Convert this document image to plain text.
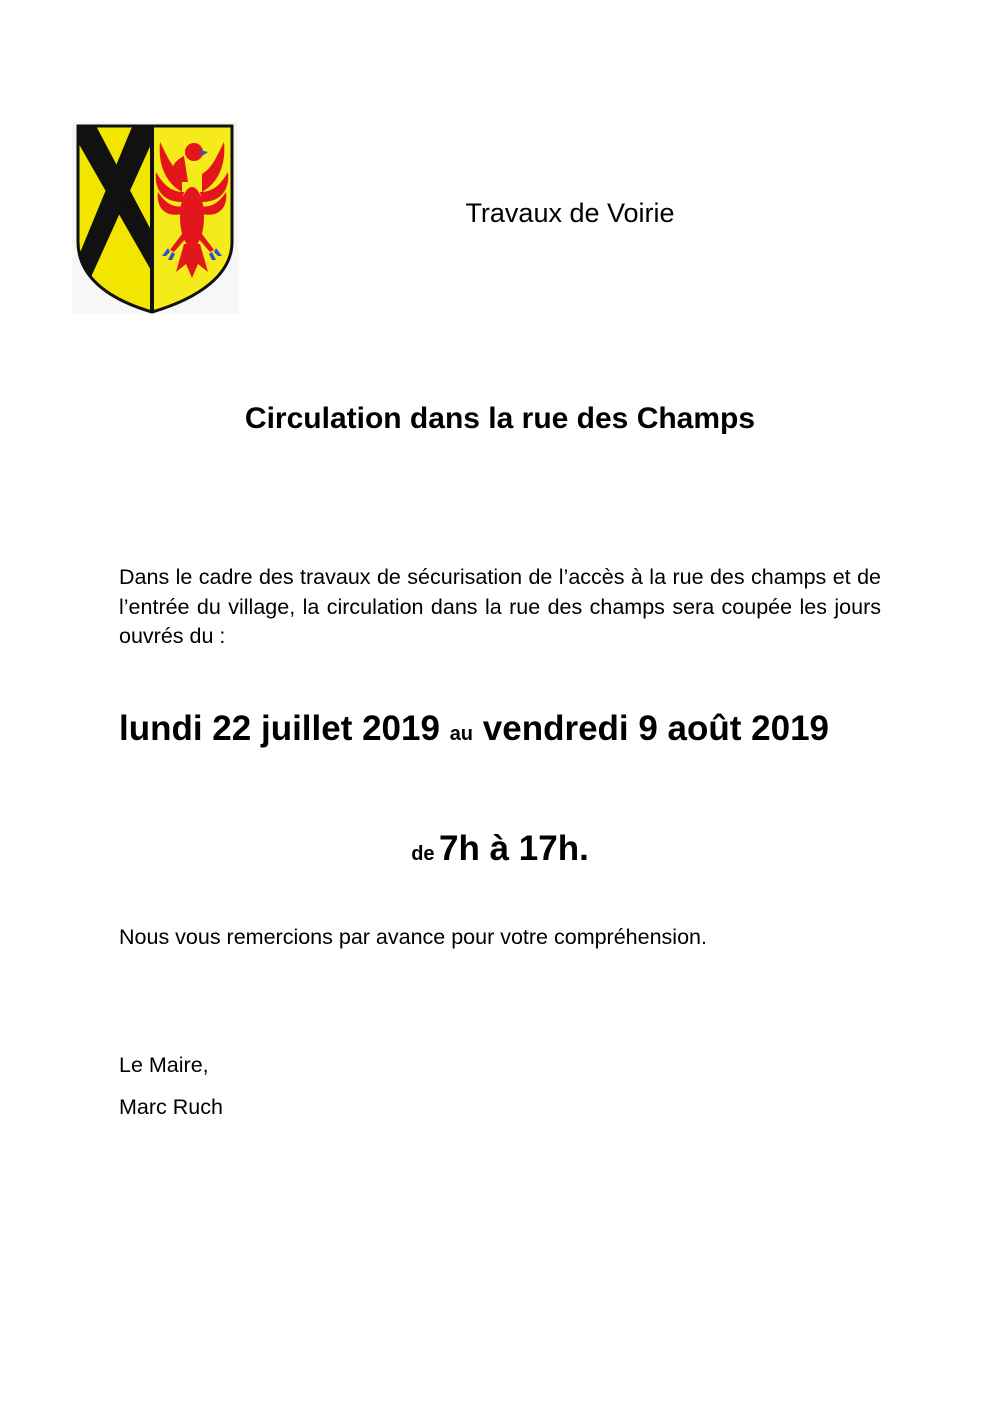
Travaux de Voirie
Circulation dans la rue des Champs
Dans le cadre des travaux de sécurisation de l’accès à la rue des champs et de l’entrée du village, la circulation dans la rue des champs sera coupée les jours ouvrés du :
lundi 22 juillet 2019 au vendredi 9 août 2019
de 7h à 17h.
Nous vous remercions par avance pour votre compréhension.
Le Maire,
Marc Ruch
